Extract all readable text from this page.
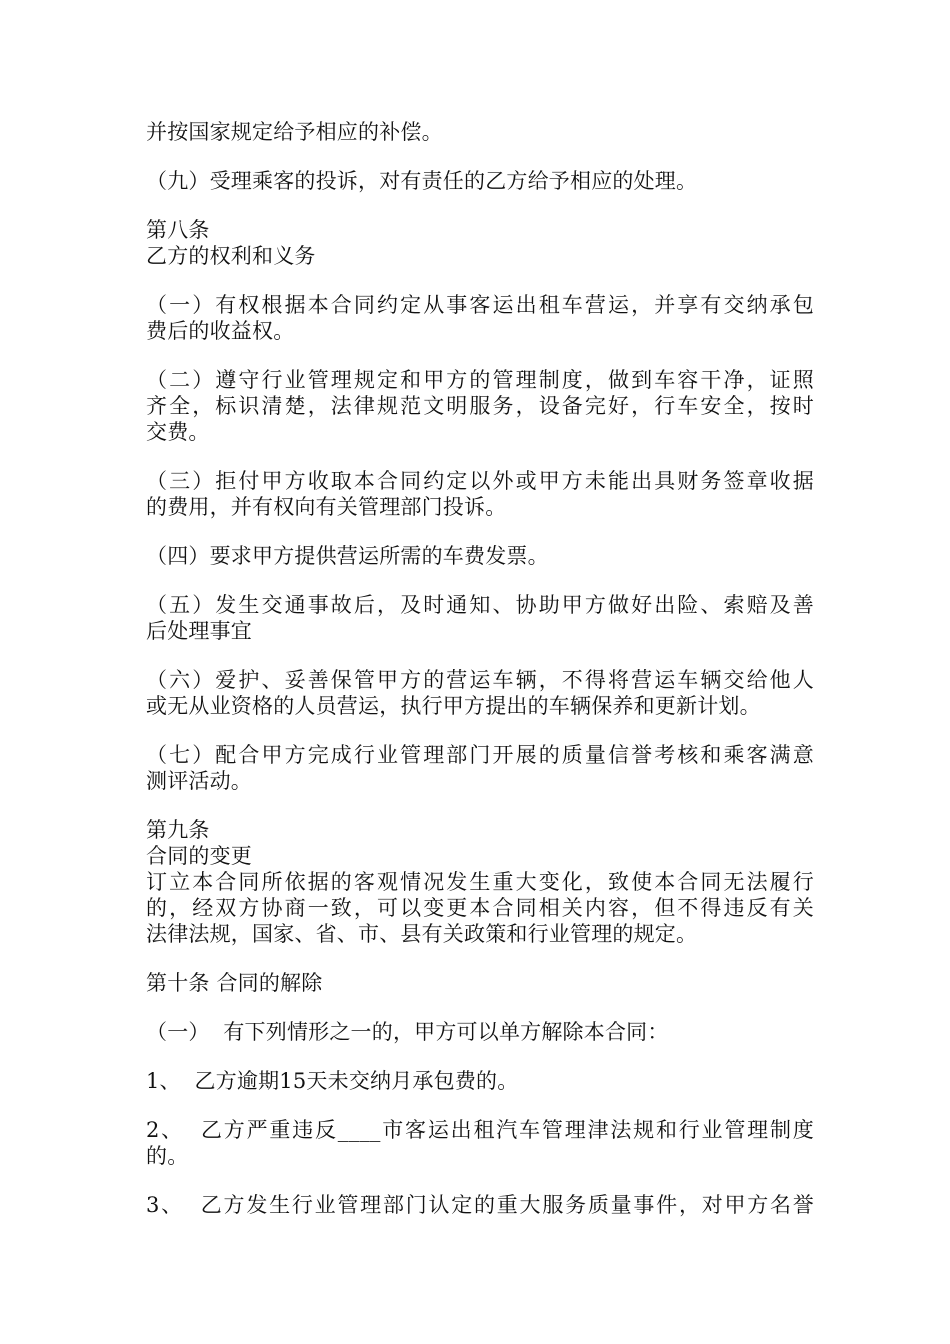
并按国家规定给予相应的补偿。

（九）受理乘客的投诉，对有责任的乙方给予相应的处理。

第八条

乙方的权利和义务

（一）有权根据本合同约定从事客运出租车营运，并享有交纳承包
费后的收益权。

（二）遵守行业管理规定和甲方的管理制度，做到车容干净，证照
齐全，标识清楚，法律规范文明服务，设备完好，行车安全，按时
交费。

（三）拒付甲方收取本合同约定以外或甲方未能出具财务签章收据
的费用，并有权向有关管理部门投诉。

（四）要求甲方提供营运所需的车费发票。

（五）发生交通事故后，及时通知、协助甲方做好出险、索赔及善
后处理事宜

（六）爱护、妥善保管甲方的营运车辆，不得将营运车辆交给他人
或无从业资格的人员营运，执行甲方提出的车辆保养和更新计划。

（七）配合甲方完成行业管理部门开展的质量信誉考核和乘客满意
测评活动。

第九条

合同的变更

订立本合同所依据的客观情况发生重大变化，致使本合同无法履行
的，经双方协商一致，可以变更本合同相关内容，但不得违反有关
法律法规，国家、省、市、县有关政策和行业管理的规定。

第十条 合同的解除

（一）  有下列情形之一的，甲方可以单方解除本合同：

1、  乙方逾期15天未交纳月承包费的。

2、  乙方严重违反____市客运出租汽车管理津法规和行业管理制度
的。

3、  乙方发生行业管理部门认定的重大服务质量事件，对甲方名誉
